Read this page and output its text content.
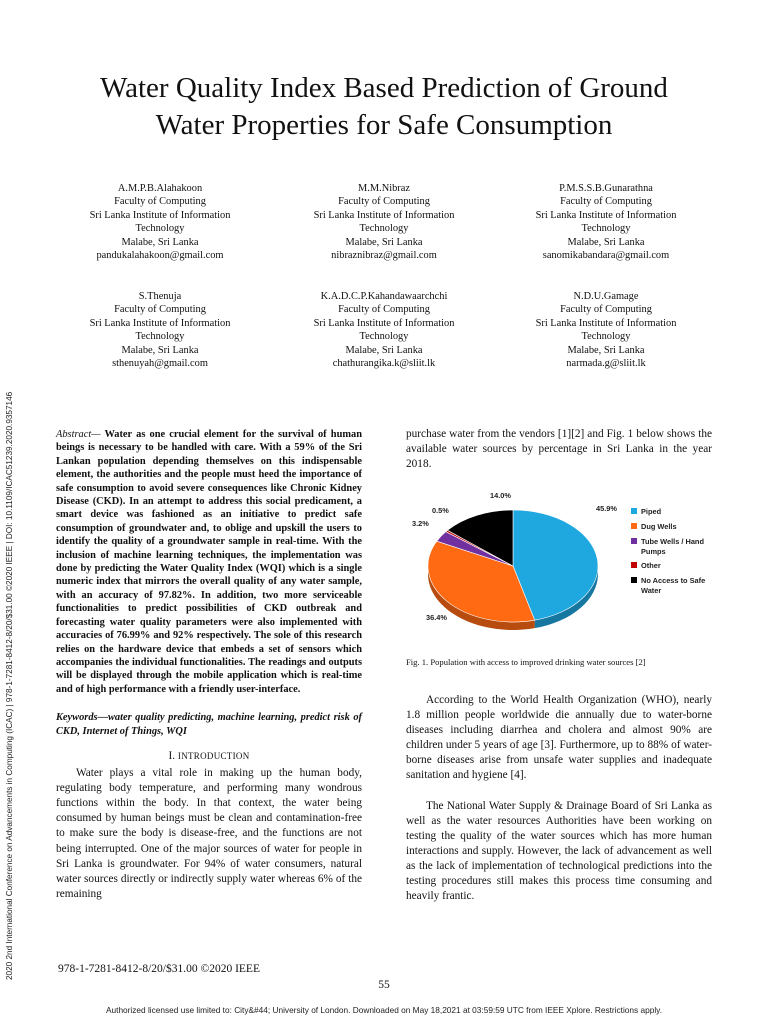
Water Quality Index Based Prediction of Ground
Water Properties for Safe Consumption
A.M.P.B.Alahakoon
Faculty of Computing
Sri Lanka Institute of Information
Technology
Malabe, Sri Lanka
pandukalahakoon@gmail.com
M.M.Nibraz
Faculty of Computing
Sri Lanka Institute of Information
Technology
Malabe, Sri Lanka
nibraznibraz@gmail.com
P.M.S.S.B.Gunarathna
Faculty of Computing
Sri Lanka Institute of Information
Technology
Malabe, Sri Lanka
sanomikabandara@gmail.com
S.Thenuja
Faculty of Computing
Sri Lanka Institute of Information
Technology
Malabe, Sri Lanka
sthenuyah@gmail.com
K.A.D.C.P.Kahandawaarchchi
Faculty of Computing
Sri Lanka Institute of Information
Technology
Malabe, Sri Lanka
chathurangika.k@sliit.lk
N.D.U.Gamage
Faculty of Computing
Sri Lanka Institute of Information
Technology
Malabe, Sri Lanka
narmada.g@sliit.lk
2020 2nd International Conference on Advancements in Computing (ICAC) | 978-1-7281-8412-8/20/$31.00 ©2020 IEEE | DOI: 10.1109/ICAC51239.2020.9357146	Abstract— Water as one crucial element for the survival of human beings is necessary to be handled with care. With a 59% of the Sri Lankan population depending themselves on this indispensable element, the authorities and the people must heed the importance of safe consumption to avoid severe consequences like Chronic Kidney Disease (CKD). In an attempt to address this social predicament, a smart device was fashioned as an initiative to predict safe consumption of groundwater and, to oblige and upskill the users to identify the quality of a groundwater sample in real-time. With the inclusion of machine learning techniques, the implementation was done by predicting the Water Quality Index (WQI) which is a single numeric index that mirrors the overall quality of any water sample, with an accuracy of 97.82%. In addition, two more serviceable functionalities to predict possibilities of CKD outbreak and forecasting water quality parameters were also implemented with accuracies of 76.99% and 92% respectively. The sole of this research relies on the hardware device that embeds a set of sensors which accompanies the individual functionalities. The readings and outputs will be displayed through the mobile application which is real-time and of high performance with a friendly user-interface.

Keywords—water quality predicting, machine learning, predict risk of CKD, Internet of Things, WQI

I. INTRODUCTION

Water plays a vital role in making up the human body, regulating body temperature, and performing many wondrous functions within the body. In that context, the water being consumed by human beings must be clean and contamination-free to make sure the body is disease-free, and the functions are not being interrupted. One of the major sources of water for people in Sri Lanka is groundwater. For 94% of water consumers, natural water sources directly or indirectly supply water whereas 6% of the remaining

purchase water from the vendors [1][2] and Fig. 1 below shows the available water sources by percentage in Sri Lanka in the year 2018.

45.9%
36.4%
3.2%
0.5%
14.0%
Piped
Dug Wells
Tube Wells / Hand
Pumps
Other
No Access to Safe
Water
Fig. 1. Population with access to improved drinking water sources [2]

According to the World Health Organization (WHO), nearly 1.8 million people worldwide die annually due to water-borne diseases including diarrhea and cholera and almost 90% are children under 5 years of age [3]. Furthermore, up to 88% of water-borne diseases arise from unsafe water supplies and inadequate sanitation and hygiene [4].

The National Water Supply & Drainage Board of Sri Lanka as well as the water resources Authorities have been working on testing the quality of the water sources which has more human interactions and supply. However, the lack of advancement as well as the lack of implementation of technological predictions into the testing procedures still makes this process time consuming and heavily frantic.

978-1-7281-8412-8/20/$31.00 ©2020 IEEE
55
Authorized licensed use limited to: City&#44; University of London. Downloaded on May 18,2021 at 03:59:59 UTC from IEEE Xplore. Restrictions apply.
